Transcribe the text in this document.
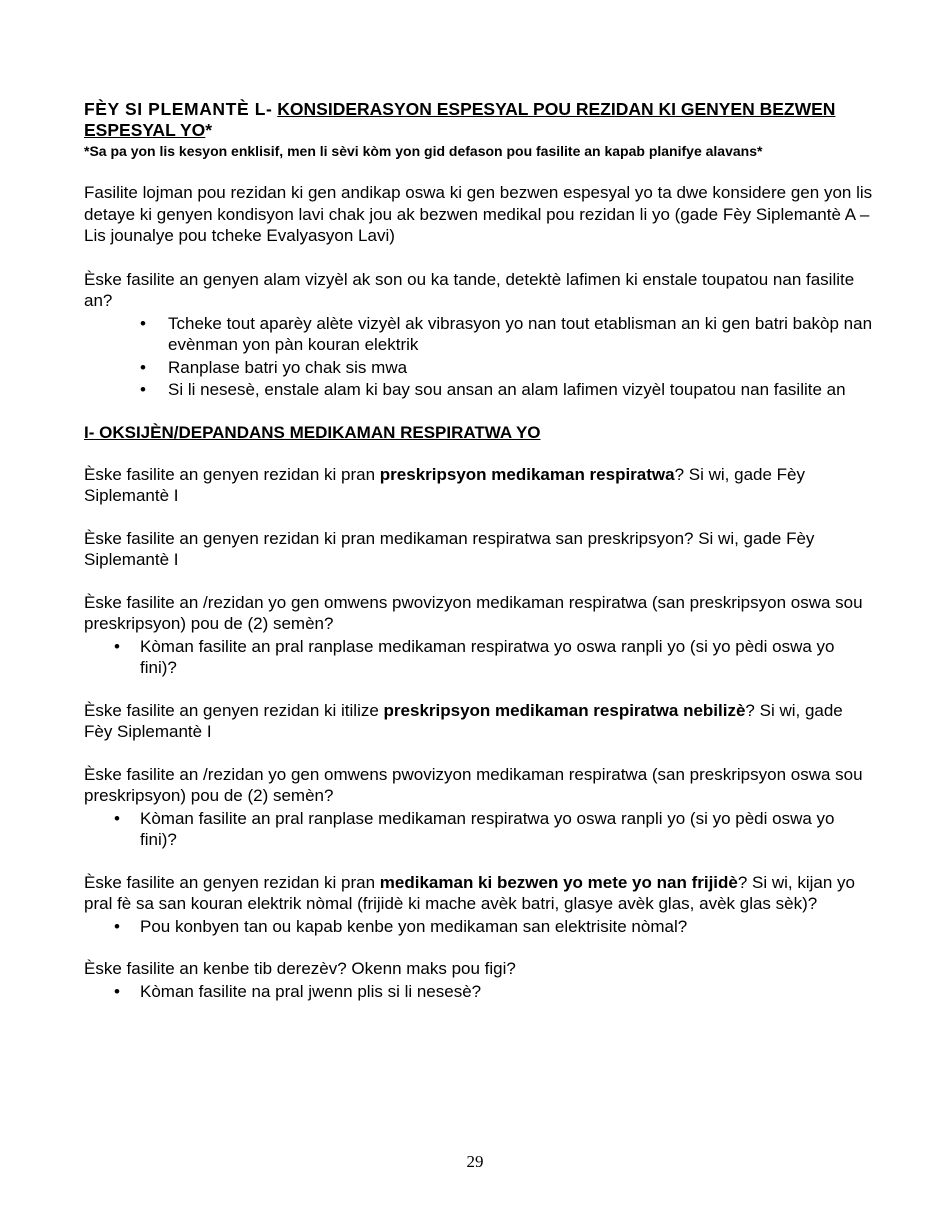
FÈY SI PLEMANTÈ L- KONSIDERASYON ESPESYAL POU REZIDAN KI GENYEN BEZWEN ESPESYAL YO*

*Sa pa yon lis kesyon enklisif, men li sèvi kòm yon gid defason pou fasilite an kapab planifye alavans*

Fasilite lojman pou rezidan ki gen andikap oswa ki gen bezwen espesyal yo ta dwe konsidere gen yon lis detaye ki genyen kondisyon lavi chak jou ak bezwen medikal pou rezidan li yo (gade Fèy Siplemantè A – Lis jounalye pou tcheke Evalyasyon Lavi)

Èske fasilite an genyen alam vizyèl ak son ou ka tande, detektè lafimen ki enstale toupatou nan fasilite an?

• Tcheke tout aparèy alète vizyèl ak vibrasyon yo nan tout etablisman an ki gen batri bakòp nan evènman yon pàn kouran elektrik
• Ranplase batri yo chak sis mwa
• Si li nesesè, enstale alam ki bay sou ansan an alam lafimen vizyèl toupatou nan fasilite an
I- OKSIJÈN/DEPANDANS MEDIKAMAN RESPIRATWA YO

Èske fasilite an genyen rezidan ki pran preskripsyon medikaman respiratwa? Si wi, gade Fèy Siplemantè I

Èske fasilite an genyen rezidan ki pran medikaman respiratwa san preskripsyon? Si wi, gade Fèy Siplemantè I

Èske fasilite an /rezidan yo gen omwens pwovizyon medikaman respiratwa (san preskripsyon oswa sou preskripsyon) pou de (2) semèn?

• Kòman fasilite an pral ranplase medikaman respiratwa yo oswa ranpli yo (si yo pèdi oswa yo fini)?

Èske fasilite an genyen rezidan ki itilize preskripsyon medikaman respiratwa nebilizè? Si wi, gade Fèy Siplemantè I

Èske fasilite an /rezidan yo gen omwens pwovizyon medikaman respiratwa (san preskripsyon oswa sou preskripsyon) pou de (2) semèn?

• Kòman fasilite an pral ranplase medikaman respiratwa yo oswa ranpli yo (si yo pèdi oswa yo fini)?

Èske fasilite an genyen rezidan ki pran medikaman ki bezwen yo mete yo nan frijidè? Si wi, kijan yo pral fè sa san kouran elektrik nòmal (frijidè ki mache avèk batri, glasye avèk glas, avèk glas sèk)?

• Pou konbyen tan ou kapab kenbe yon medikaman san elektrisite nòmal?

Èske fasilite an kenbe tib derezèv? Okenn maks pou figi?

• Kòman fasilite na pral jwenn plis si li nesesè?
29
